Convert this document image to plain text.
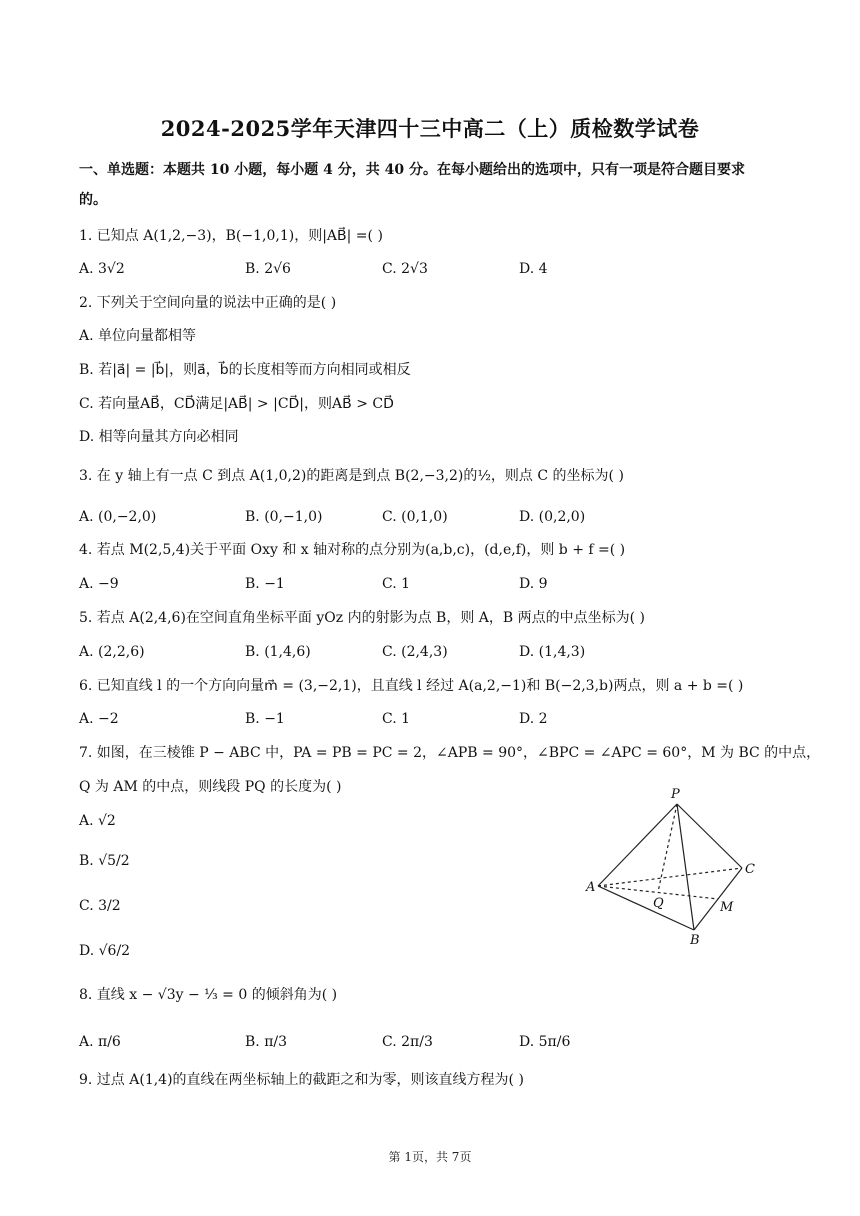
2024-2025学年天津四十三中高二（上）质检数学试卷
一、单选题：本题共 10 小题，每小题 4 分，共 40 分。在每小题给出的选项中，只有一项是符合题目要求
的。
1. 已知点 A(1,2,−3)，B(−1,0,1)，则|AB⃗| =( )
A. 3√2	B. 2√6	C. 2√3	D. 4
2. 下列关于空间向量的说法中正确的是( )
A. 单位向量都相等
B. 若|a⃗| = |b⃗|，则a⃗，b⃗的长度相等而方向相同或相反
C. 若向量AB⃗，CD⃗满足|AB⃗| > |CD⃗|，则AB⃗ > CD⃗
D. 相等向量其方向必相同
3. 在 y 轴上有一点 C 到点 A(1,0,2)的距离是到点 B(2,−3,2)的½，则点 C 的坐标为( )
A. (0,−2,0)	B. (0,−1,0)	C. (0,1,0)	D. (0,2,0)
4. 若点 M(2,5,4)关于平面 Oxy 和 x 轴对称的点分别为(a,b,c)，(d,e,f)，则 b + f =( )
A. −9	B. −1	C. 1	D. 9
5. 若点 A(2,4,6)在空间直角坐标平面 yOz 内的射影为点 B，则 A，B 两点的中点坐标为( )
A. (2,2,6)	B. (1,4,6)	C. (2,4,3)	D. (1,4,3)
6. 已知直线 l 的一个方向向量m⃗ = (3,−2,1)，且直线 l 经过 A(a,2,−1)和 B(−2,3,b)两点，则 a + b =( )
A. −2	B. −1	C. 1	D. 2
7. 如图，在三棱锥 P − ABC 中，PA = PB = PC = 2，∠APB = 90°，∠BPC = ∠APC = 60°，M 为 BC 的中点，
Q 为 AM 的中点，则线段 PQ 的长度为( )
A. √2
B. √5/2
C. 3/2
D. √6/2
P
A
B
C
Q	M
8. 直线 x − √3y − ⅓ = 0 的倾斜角为( )
A. π/6	B. π/3	C. 2π/3	D. 5π/6
9. 过点 A(1,4)的直线在两坐标轴上的截距之和为零，则该直线方程为( )
第 1页，共 7页
